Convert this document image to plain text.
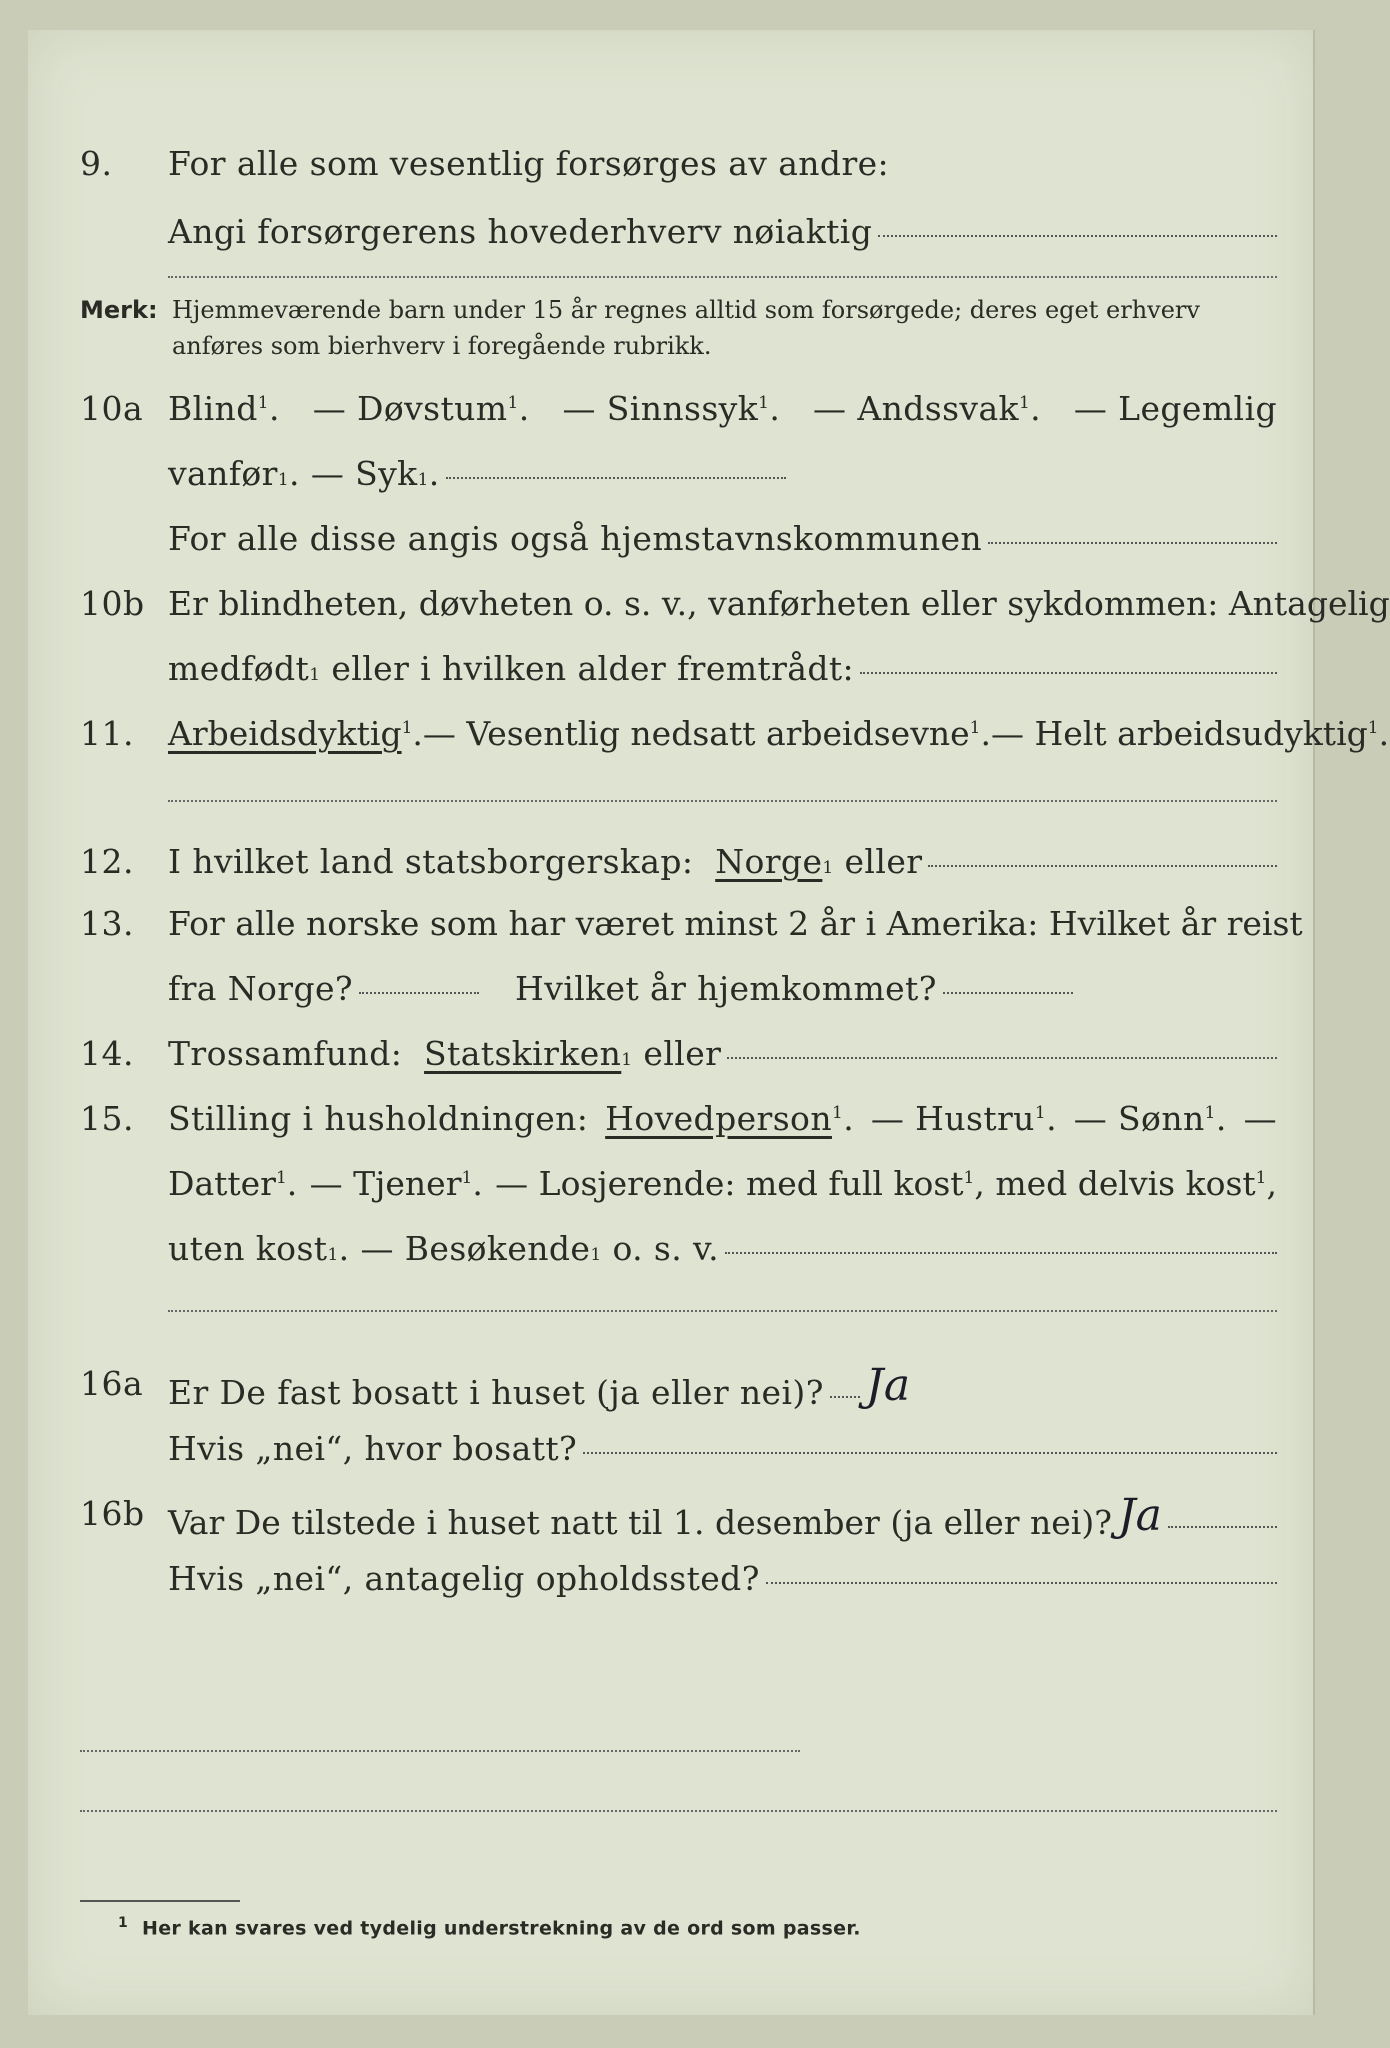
9. For alle som vesentlig forsørges av andre:
Angi forsørgerens hovederhverv nøiaktig
Merk: Hjemmeværende barn under 15 år regnes alltid som forsørgede; deres eget erhverv
anføres som bierhverv i foregående rubrikk.
10a Blind$^1$. — Døvstum$^1$. — Sinnssyk$^1$. — Andssvak$^1$. — Legemlig
vanfør 1 . — Syk 1 .
For alle disse angis også hjemstavnskommunen
10b Er blindheten, døvheten o. s. v., vanførheten eller sykdommen: Antagelig
medfødt 1
eller i hvilken alder fremtrådt:
11. Arbeidsdyktig$^1$. — Vesentlig nedsatt arbeidsevne$^1$. — Helt arbeidsudyktig$^1$.
12. I hvilket land statsborgerskap:
Norge 1
eller
13. For alle norske som har været minst 2 år i Amerika: Hvilket år reist
fra Norge?	Hvilket år hjemkommet?
14. Trossamfund:
Statskirken 1
eller
15. Stilling i husholdningen: Hovedperson$^1$. — Hustru$^1$. — Sønn$^1$. —
Datter$^1$. — Tjener$^1$. — Losjerende: med full kost$^1$, med delvis kost$^1$,
uten kost 1 . — Besøkende 1
o. s. v.
16a Er De fast bosatt i huset (ja eller nei)? Ja
Hvis „nei“, hvor bosatt?
16b Var De tilstede i huset natt til 1. desember (ja eller nei)? Ja
Hvis „nei“, antagelig opholdssted?
$^1$ Her kan svares ved tydelig understrekning av de ord som passer.
